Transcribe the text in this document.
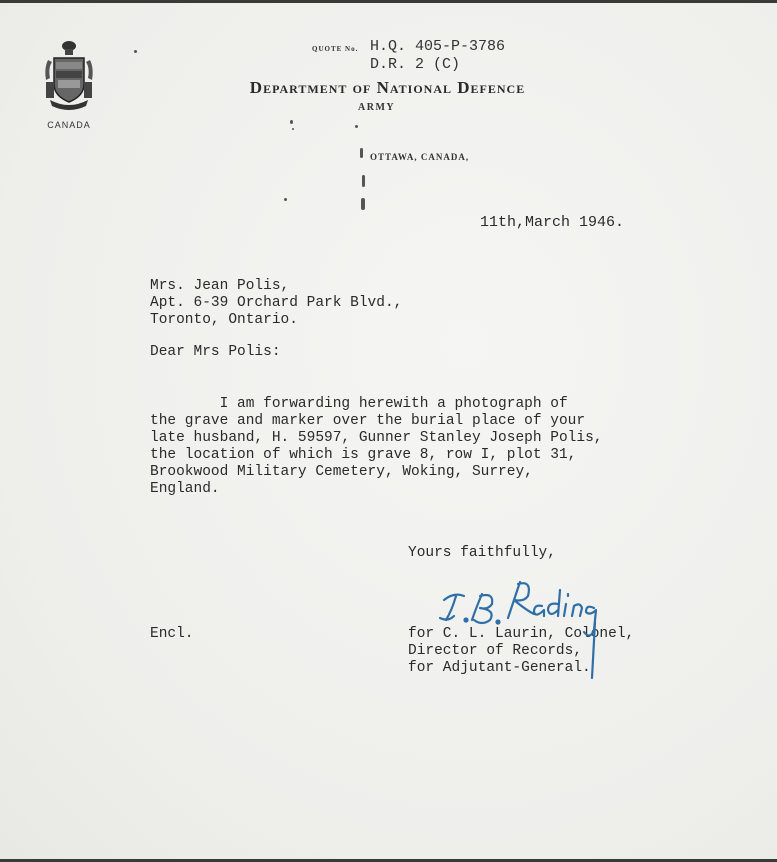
CANADA
QUOTE No. H.Q. 405-P-3786
D.R. 2 (C)
Department of National Defence
ARMY
OTTAWA, CANADA,
11th,March 1946.
Mrs. Jean Polis,
Apt. 6-39 Orchard Park Blvd.,
Toronto, Ontario.
Dear Mrs Polis:
I am forwarding herewith a photograph of
the grave and marker over the burial place of your
late husband, H. 59597, Gunner Stanley Joseph Polis,
the location of which is grave 8, row I, plot 31,
Brookwood Military Cemetery, Woking, Surrey,
England.
Yours faithfully,
Encl.	for C. L. Laurin, Colonel,
Director of Records,
for Adjutant-General.
